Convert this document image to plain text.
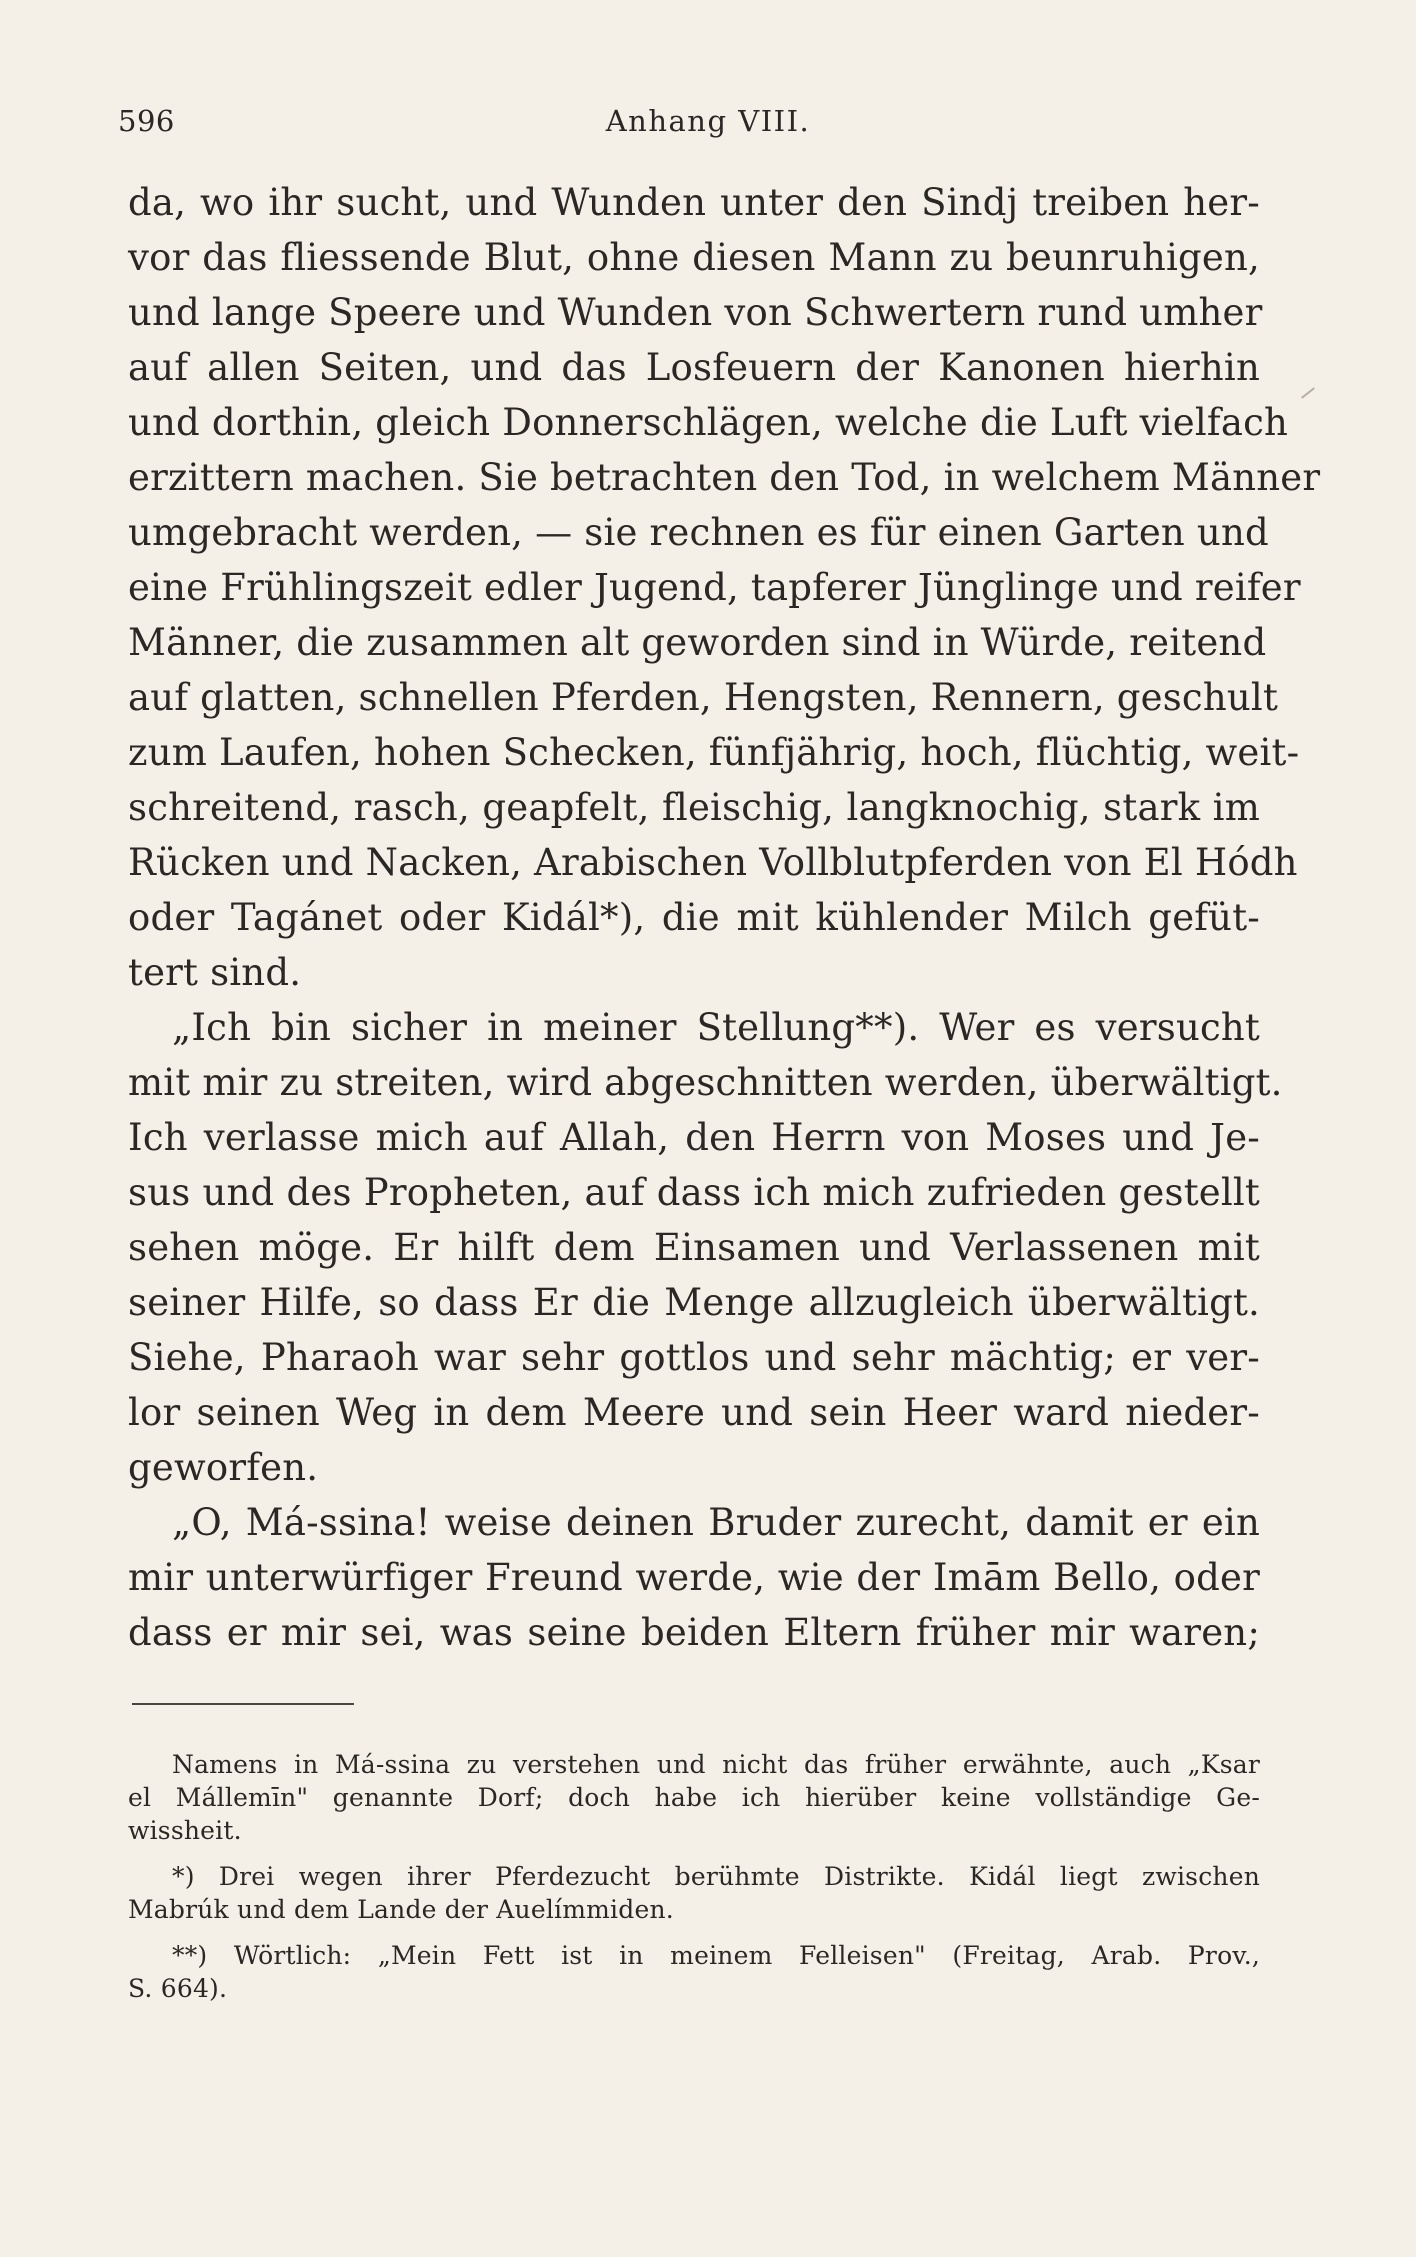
596	Anhang VIII.
da, wo ihr sucht, und Wunden unter den Sindj treiben her-
vor das fliessende Blut, ohne diesen Mann zu beunruhigen,
und lange Speere und Wunden von Schwertern rund umher
auf allen Seiten, und das Losfeuern der Kanonen hierhin
und dorthin, gleich Donnerschlägen, welche die Luft vielfach
erzittern machen. Sie betrachten den Tod, in welchem Männer
umgebracht werden, — sie rechnen es für einen Garten und
eine Frühlingszeit edler Jugend, tapferer Jünglinge und reifer
Männer, die zusammen alt geworden sind in Würde, reitend
auf glatten, schnellen Pferden, Hengsten, Rennern, geschult
zum Laufen, hohen Schecken, fünfjährig, hoch, flüchtig, weit-
schreitend, rasch, geapfelt, fleischig, langknochig, stark im
Rücken und Nacken, Arabischen Vollblutpferden von El Hódh
oder Tagánet oder Kidál*), die mit kühlender Milch gefüt-
tert sind.
„Ich bin sicher in meiner Stellung**). Wer es versucht
mit mir zu streiten, wird abgeschnitten werden, überwältigt.
Ich verlasse mich auf Allah, den Herrn von Moses und Je-
sus und des Propheten, auf dass ich mich zufrieden gestellt
sehen möge. Er hilft dem Einsamen und Verlassenen mit
seiner Hilfe, so dass Er die Menge allzugleich überwältigt.
Siehe, Pharaoh war sehr gottlos und sehr mächtig; er ver-
lor seinen Weg in dem Meere und sein Heer ward nieder-
geworfen.
„O, Má-ssina! weise deinen Bruder zurecht, damit er ein
mir unterwürfiger Freund werde, wie der Imām Bello, oder
dass er mir sei, was seine beiden Eltern früher mir waren;
Namens in Má-ssina zu verstehen und nicht das früher erwähnte, auch „Ksar
el Mállemīn" genannte Dorf; doch habe ich hierüber keine vollständige Ge-
wissheit.
*) Drei wegen ihrer Pferdezucht berühmte Distrikte. Kidál liegt zwischen
Mabrúk und dem Lande der Auelímmiden.
**) Wörtlich: „Mein Fett ist in meinem Felleisen" (Freitag, Arab. Prov.,
S. 664).
